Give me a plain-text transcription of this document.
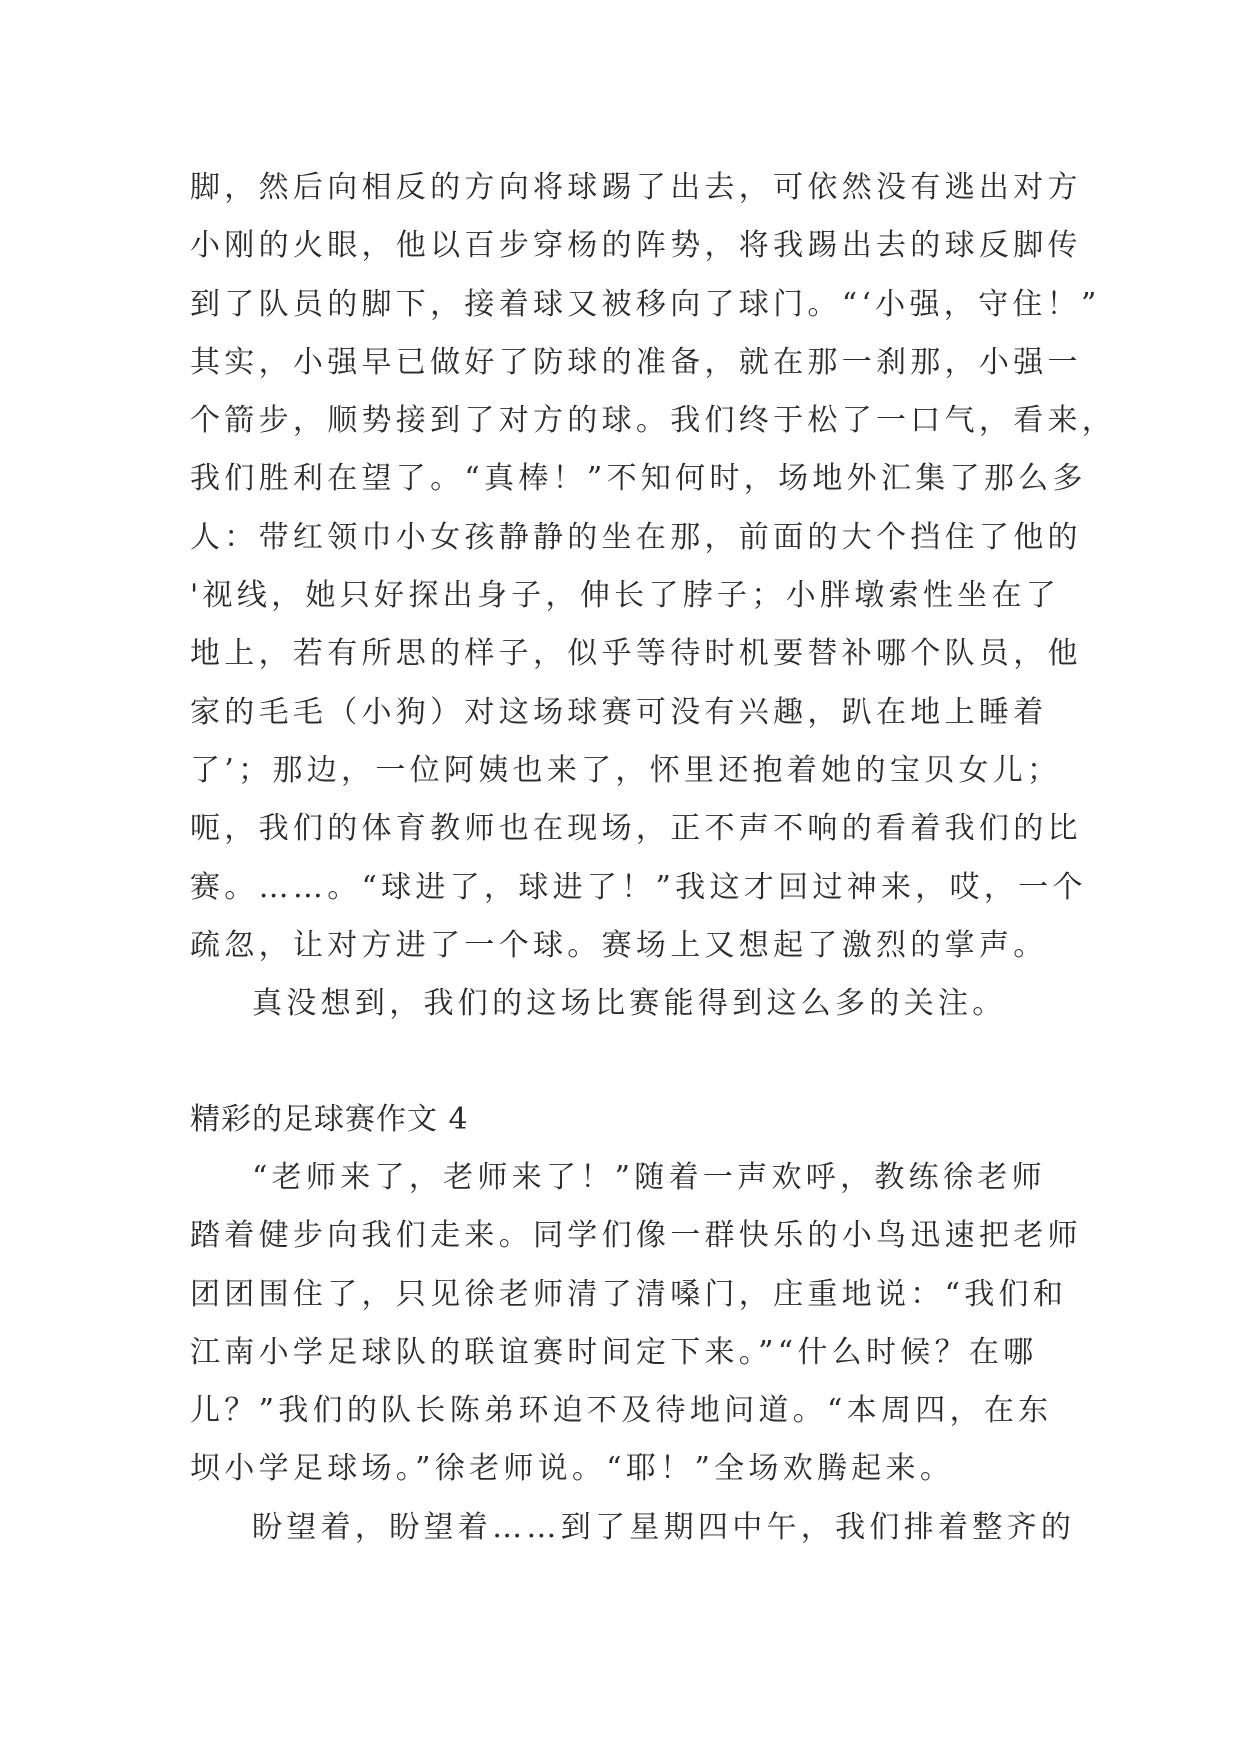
脚，然后向相反的方向将球踢了出去，可依然没有逃出对方
小刚的火眼，他以百步穿杨的阵势，将我踢出去的球反脚传
到了队员的脚下，接着球又被移向了球门。“‘小强，守住！”
其实，小强早已做好了防球的准备，就在那一刹那，小强一
个箭步，顺势接到了对方的球。我们终于松了一口气，看来，
我们胜利在望了。“真棒！”不知何时，场地外汇集了那么多
人：带红领巾小女孩静静的坐在那，前面的大个挡住了他的
'视线，她只好探出身子，伸长了脖子；小胖墩索性坐在了
地上，若有所思的样子，似乎等待时机要替补哪个队员，他
家的毛毛（小狗）对这场球赛可没有兴趣，趴在地上睡着
了’；那边，一位阿姨也来了，怀里还抱着她的宝贝女儿；
呃，我们的体育教师也在现场，正不声不响的看着我们的比
赛。……。“球进了，球进了！”我这才回过神来，哎，一个
疏忽，让对方进了一个球。赛场上又想起了激烈的掌声。
真没想到，我们的这场比赛能得到这么多的关注。
精彩的足球赛作文 4
“老师来了，老师来了！”随着一声欢呼，教练徐老师
踏着健步向我们走来。同学们像一群快乐的小鸟迅速把老师
团团围住了，只见徐老师清了清嗓门，庄重地说：“我们和
江南小学足球队的联谊赛时间定下来。”“什么时候？在哪
儿？”我们的队长陈弟环迫不及待地问道。“本周四，在东
坝小学足球场。”徐老师说。“耶！”全场欢腾起来。
盼望着，盼望着……到了星期四中午，我们排着整齐的
